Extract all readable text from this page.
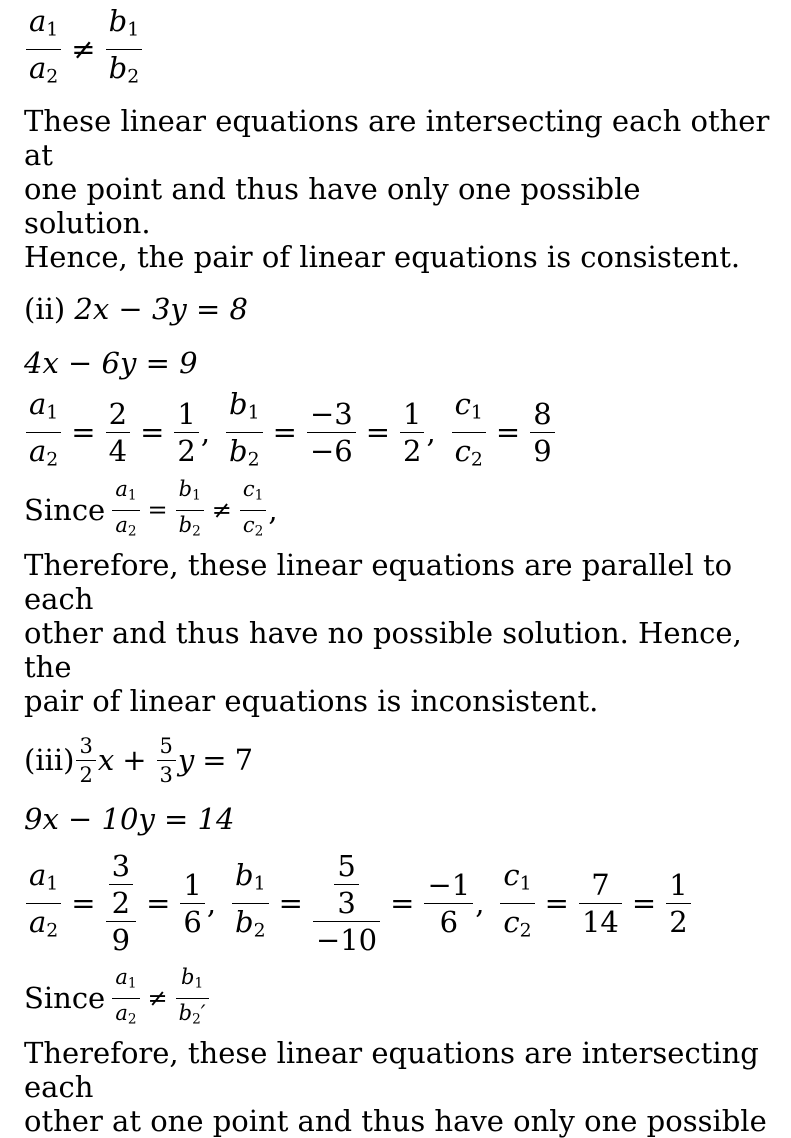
$\frac{a_1}{a_2} \ne \frac{b_1}{b_2}$

These linear equations are intersecting each other at

one point and thus have only one possible solution.

Hence, the pair of linear equations is consistent.

(ii)
2x − 3y = 8
4x − 6y = 9
$\frac{a_1}{a_2} = \frac{2}{4} = \frac{1}{2}$ , $\frac{b_1}{b_2} = \frac{-3}{-6} = \frac{1}{2}$ , $\frac{c_1}{c_2} = \frac{8}{9}$
Since
$\frac{a_1}{a_2} = \frac{b_1}{b_2} \ne \frac{c_1}{c_2}$ ,

Therefore, these linear equations are parallel to each

other and thus have no possible solution. Hence, the

pair of linear equations is inconsistent.

$(iii) \frac{3}{2}$ $x + \frac{5}{3}$ y = 7
9x − 10y = 14
$\frac{a_1}{a_2} = \frac{\frac{3}{2}}{9} = \frac{1}{6}$ , $\frac{b_1}{b_2} = \frac{\frac{5}{3}}{-10} = \frac{-1}{6}$ , $\frac{c_1}{c_2} = \frac{7}{14} = \frac{1}{2}$
Since
$\frac{a_1}{a_2} \ne \frac{b_1}{b_2'}$

Therefore, these linear equations are intersecting each

other at one point and thus have only one possible
